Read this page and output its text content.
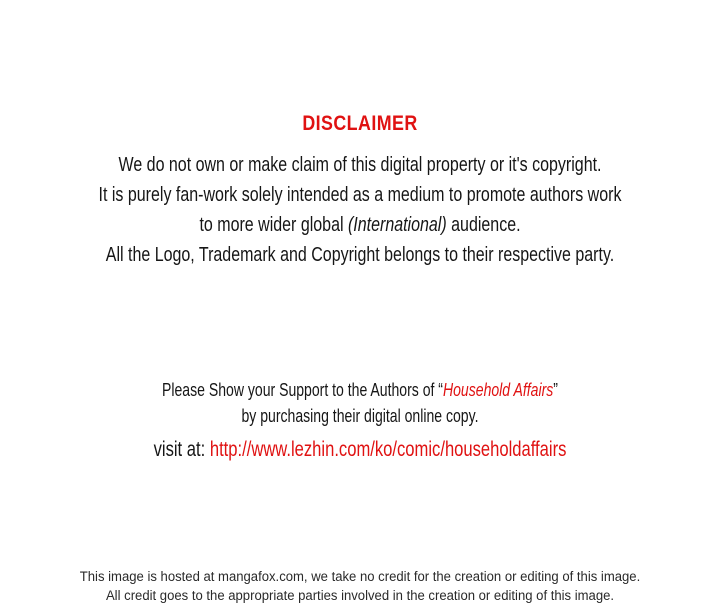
DISCLAIMER
We do not own or make claim of this digital property or it's copyright.
It is purely fan-work solely intended as a medium to promote authors work
to more wider global (International) audience.
All the Logo, Trademark and Copyright belongs to their respective party.
Please Show your Support to the Authors of “Household Affairs”
by purchasing their digital online copy.
visit at: http://www.lezhin.com/ko/comic/householdaffairs
This image is hosted at mangafox.com, we take no credit for the creation or editing of this image.
All credit goes to the appropriate parties involved in the creation or editing of this image.
